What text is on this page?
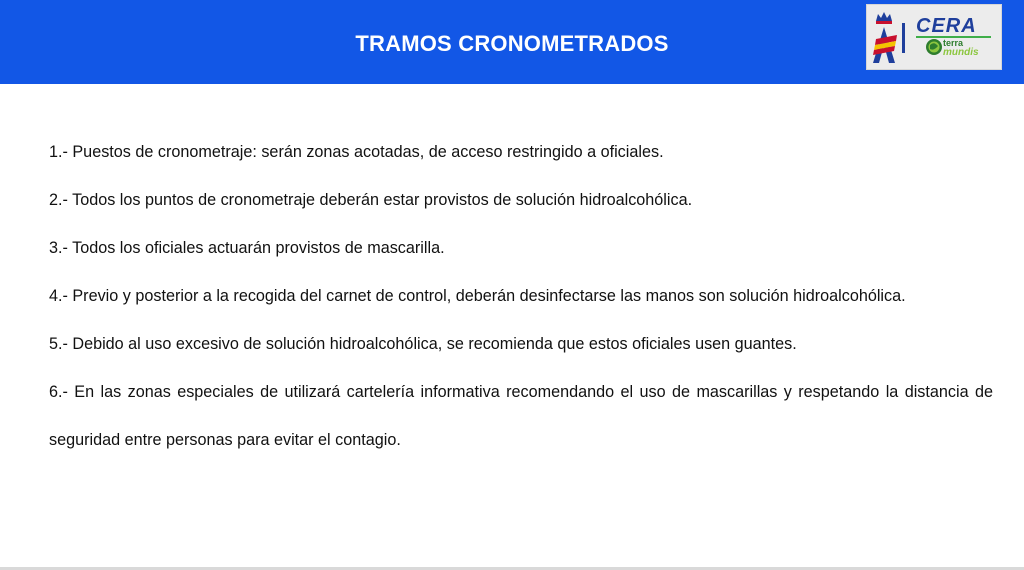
TRAMOS CRONOMETRADOS
CERA
terra
mundis

1.- Puestos de cronometraje: serán zonas acotadas, de acceso restringido a oficiales.

2.- Todos los puntos de cronometraje deberán estar provistos de solución hidroalcohólica.

3.- Todos los oficiales actuarán provistos de mascarilla.

4.- Previo y posterior a la recogida del carnet de control, deberán desinfectarse las manos son solución hidroalcohólica.

5.- Debido al uso excesivo de solución hidroalcohólica, se recomienda que estos oficiales usen guantes.

6.- En las zonas especiales de utilizará cartelería informativa recomendando el uso de mascarillas y respetando la distancia de seguridad entre personas para evitar el contagio.
